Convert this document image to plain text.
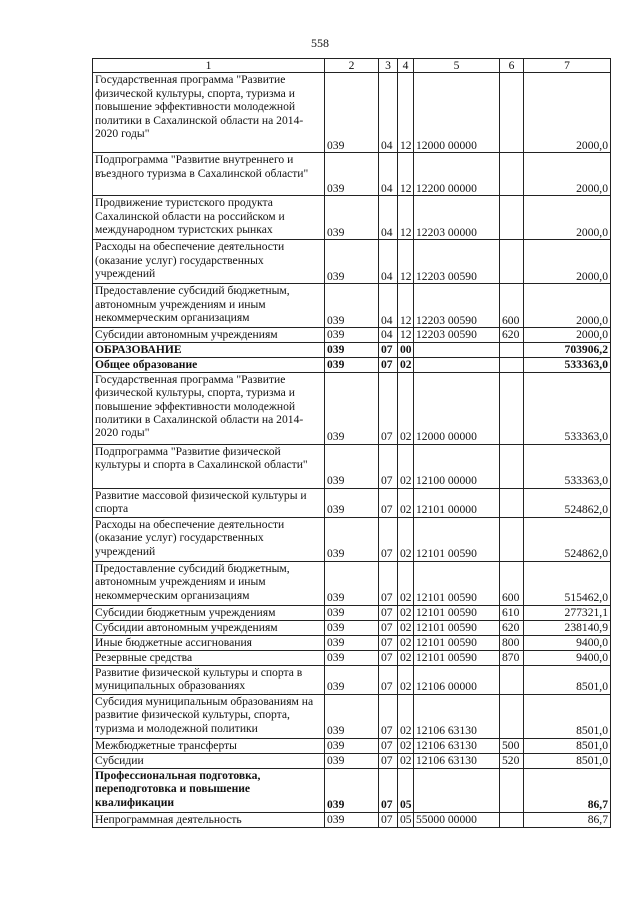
558
1	2	3	4	5	6	7
Государственная программа "Развитие физической культуры, спорта, туризма и повышение эффективности молодежной политики в Сахалинской области на 2014-2020 годы"	039	04	12	12000 00000		2000,0
Подпрограмма "Развитие внутреннего и въездного туризма в Сахалинской области"	039	04	12	12200 00000		2000,0
Продвижение туристского продукта Сахалинской области на российском и международном туристских рынках	039	04	12	12203 00000		2000,0
Расходы на обеспечение деятельности (оказание услуг) государственных учреждений	039	04	12	12203 00590		2000,0
Предоставление субсидий бюджетным, автономным учреждениям и иным некоммерческим организациям	039	04	12	12203 00590	600	2000,0
Субсидии автономным учреждениям	039	04	12	12203 00590	620	2000,0
ОБРАЗОВАНИЕ	039	07	00			703906,2
Общее образование	039	07	02			533363,0
Государственная программа "Развитие физической культуры, спорта, туризма и повышение эффективности молодежной политики в Сахалинской области на 2014-2020 годы"	039	07	02	12000 00000		533363,0
Подпрограмма "Развитие физической культуры и спорта в Сахалинской области"	039	07	02	12100 00000		533363,0
Развитие массовой физической культуры и спорта	039	07	02	12101 00000		524862,0
Расходы на обеспечение деятельности (оказание услуг) государственных учреждений	039	07	02	12101 00590		524862,0
Предоставление субсидий бюджетным, автономным учреждениям и иным некоммерческим организациям	039	07	02	12101 00590	600	515462,0
Субсидии бюджетным учреждениям	039	07	02	12101 00590	610	277321,1
Субсидии автономным учреждениям	039	07	02	12101 00590	620	238140,9
Иные бюджетные ассигнования	039	07	02	12101 00590	800	9400,0
Резервные средства	039	07	02	12101 00590	870	9400,0
Развитие физической культуры и спорта в муниципальных образованиях	039	07	02	12106 00000		8501,0
Субсидия муниципальным образованиям на развитие физической культуры, спорта, туризма и молодежной политики	039	07	02	12106 63130		8501,0
Межбюджетные трансферты	039	07	02	12106 63130	500	8501,0
Субсидии	039	07	02	12106 63130	520	8501,0
Профессиональная подготовка, переподготовка и повышение квалификации	039	07	05			86,7
Непрограммная деятельность	039	07	05	55000 00000		86,7
